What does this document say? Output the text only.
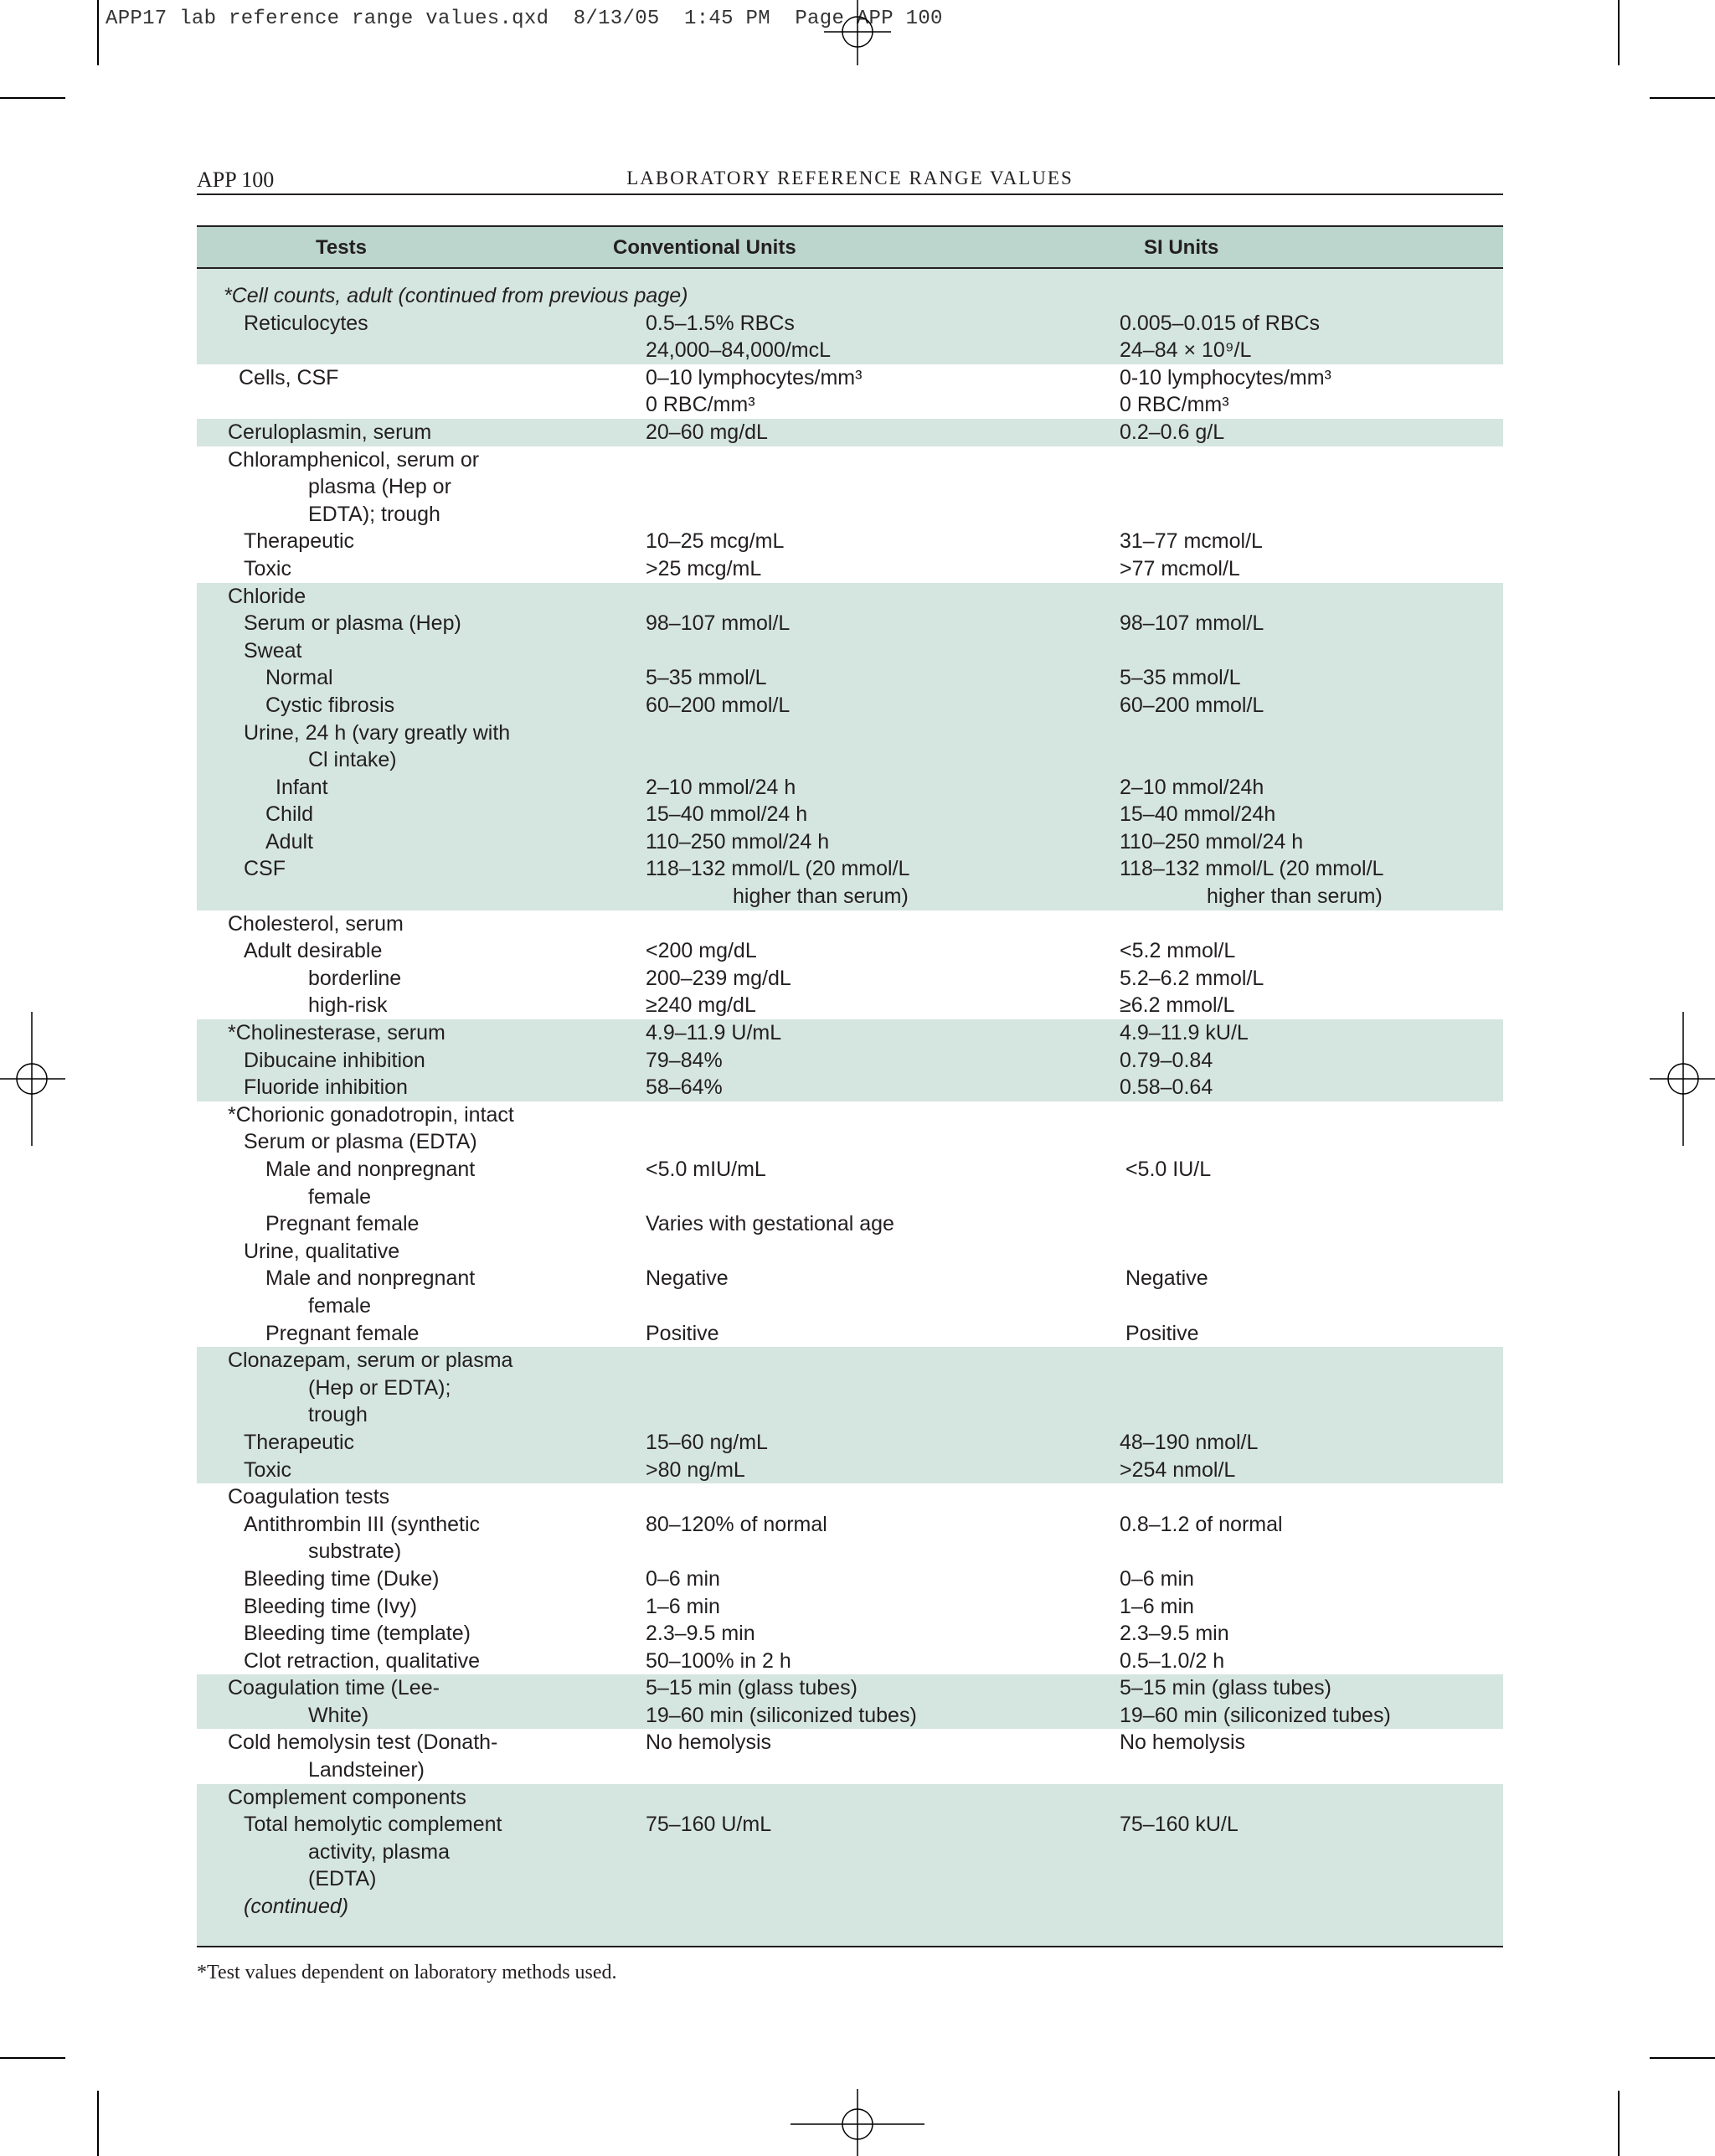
APP17 lab reference range values.qxd  8/13/05  1:45 PM  Page APP 100
APP 100	LABORATORY REFERENCE RANGE VALUES
Tests	Conventional Units	SI Units
*Cell counts, adult (continued from previous page)
Reticulocytes	0.5–1.5% RBCs	0.005–0.015 of RBCs
24,000–84,000/mcL	24–84 × 10⁹/L
Cells, CSF	0–10 lymphocytes/mm³	0-10 lymphocytes/mm³
0 RBC/mm³	0 RBC/mm³
Ceruloplasmin, serum	20–60 mg/dL	0.2–0.6 g/L
Chloramphenicol, serum or
plasma (Hep or
EDTA); trough
Therapeutic	10–25 mcg/mL	31–77 mcmol/L
Toxic	>25 mcg/mL	>77 mcmol/L
Chloride
Serum or plasma (Hep)	98–107 mmol/L	98–107 mmol/L
Sweat
Normal	5–35 mmol/L	5–35 mmol/L
Cystic fibrosis	60–200 mmol/L	60–200 mmol/L
Urine, 24 h (vary greatly with
Cl intake)
Infant	2–10 mmol/24 h	2–10 mmol/24h
Child	15–40 mmol/24 h	15–40 mmol/24h
Adult	110–250 mmol/24 h	110–250 mmol/24 h
CSF	118–132 mmol/L (20 mmol/L	118–132 mmol/L (20 mmol/L
higher than serum)	higher than serum)
Cholesterol, serum
Adult desirable	<200 mg/dL	<5.2 mmol/L
borderline	200–239 mg/dL	5.2–6.2 mmol/L
high-risk	≥240 mg/dL	≥6.2 mmol/L
*Cholinesterase, serum	4.9–11.9 U/mL	4.9–11.9 kU/L
Dibucaine inhibition	79–84%	0.79–0.84
Fluoride inhibition	58–64%	0.58–0.64
*Chorionic gonadotropin, intact
Serum or plasma (EDTA)
Male and nonpregnant	<5.0 mIU/mL	<5.0 IU/L
female
Pregnant female	Varies with gestational age
Urine, qualitative
Male and nonpregnant	Negative	Negative
female
Pregnant female	Positive	Positive
Clonazepam, serum or plasma
(Hep or EDTA);
trough
Therapeutic	15–60 ng/mL	48–190 nmol/L
Toxic	>80 ng/mL	>254 nmol/L
Coagulation tests
Antithrombin III (synthetic	80–120% of normal	0.8–1.2 of normal
substrate)
Bleeding time (Duke)	0–6 min	0–6 min
Bleeding time (Ivy)	1–6 min	1–6 min
Bleeding time (template)	2.3–9.5 min	2.3–9.5 min
Clot retraction, qualitative	50–100% in 2 h	0.5–1.0/2 h
Coagulation time (Lee-	5–15 min (glass tubes)	5–15 min (glass tubes)
White)	19–60 min (siliconized tubes)	19–60 min (siliconized tubes)
Cold hemolysin test (Donath-	No hemolysis	No hemolysis
Landsteiner)
Complement components
Total hemolytic complement	75–160 U/mL	75–160 kU/L
activity, plasma
(EDTA)
(continued)
*Test values dependent on laboratory methods used.
